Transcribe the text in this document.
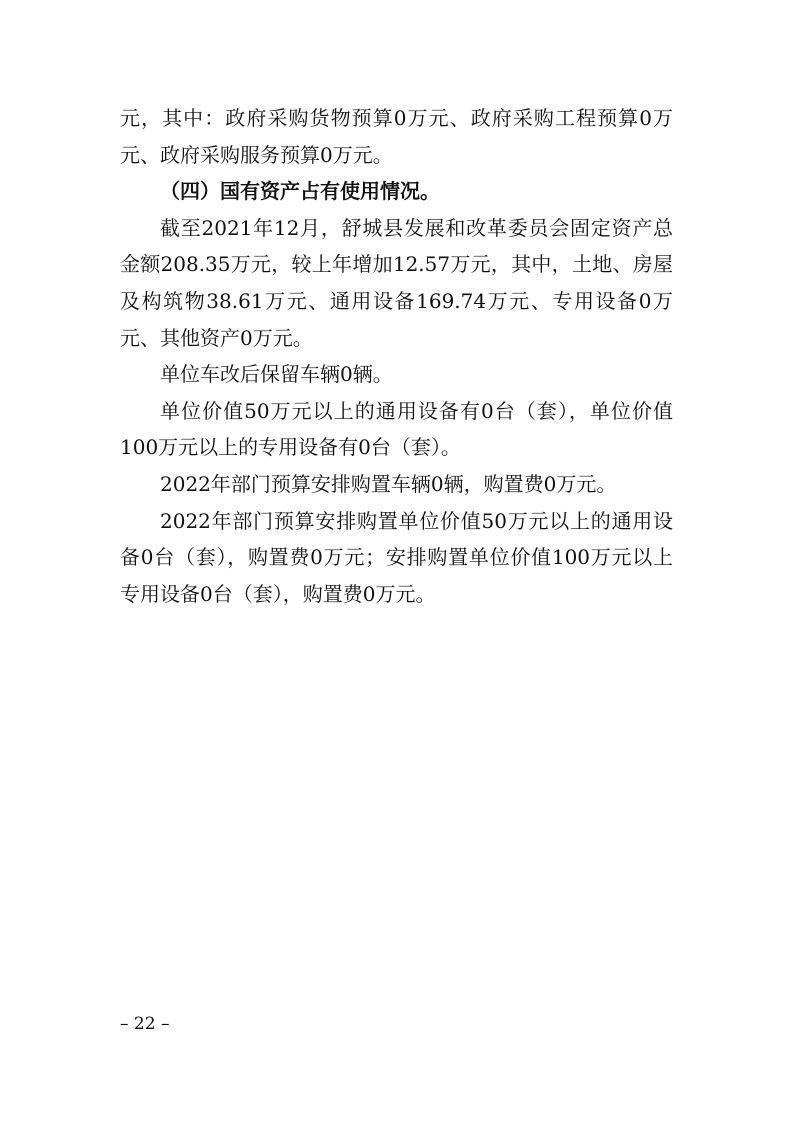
元，其中：政府采购货物预算0万元、政府采购工程预算0万元、政府采购服务预算0万元。

（四）国有资产占有使用情况。

截至2021年12月，舒城县发展和改革委员会固定资产总金额208.35万元，较上年增加12.57万元，其中，土地、房屋及构筑物38.61万元、通用设备169.74万元、专用设备0万元、其他资产0万元。

单位车改后保留车辆0辆。

单位价值50万元以上的通用设备有0台（套），单位价值100万元以上的专用设备有0台（套）。

2022年部门预算安排购置车辆0辆，购置费0万元。

2022年部门预算安排购置单位价值50万元以上的通用设备0台（套），购置费0万元；安排购置单位价值100万元以上专用设备0台（套），购置费0万元。

– 22 –
